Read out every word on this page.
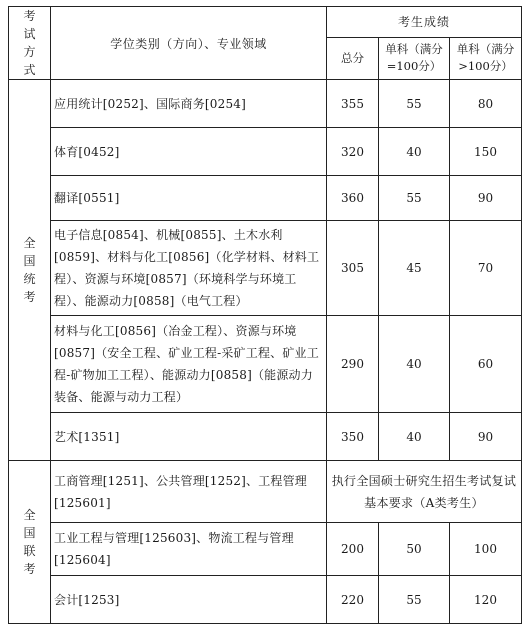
考试方式	学位类别（方向）、专业领域	考生成绩		
		总分	单科（满分=100分）	单科（满分>100分）
全国统考	应用统计[0252]、国际商务[0254]	355	55	80
	体育[0452]	320	40	150
	翻译[0551]	360	55	90
	电子信息[0854]、机械[0855]、土木水利[0859]、材料与化工[0856]（化学材料、材料工程）、资源与环境[0857]（环境科学与环境工程）、能源动力[0858]（电气工程）	305	45	70
	材料与化工[0856]（冶金工程）、资源与环境[0857]（安全工程、矿业工程-采矿工程、矿业工程-矿物加工工程）、能源动力[0858]（能源动力装备、能源与动力工程）	290	40	60
	艺术[1351]	350	40	90
全国联考	工商管理[1251]、公共管理[1252]、工程管理[125601]	执行全国硕士研究生招生考试复试基本要求（A类考生）		
	工业工程与管理[125603]、物流工程与管理[125604]	200	50	100
	会计[1253]	220	55	120
